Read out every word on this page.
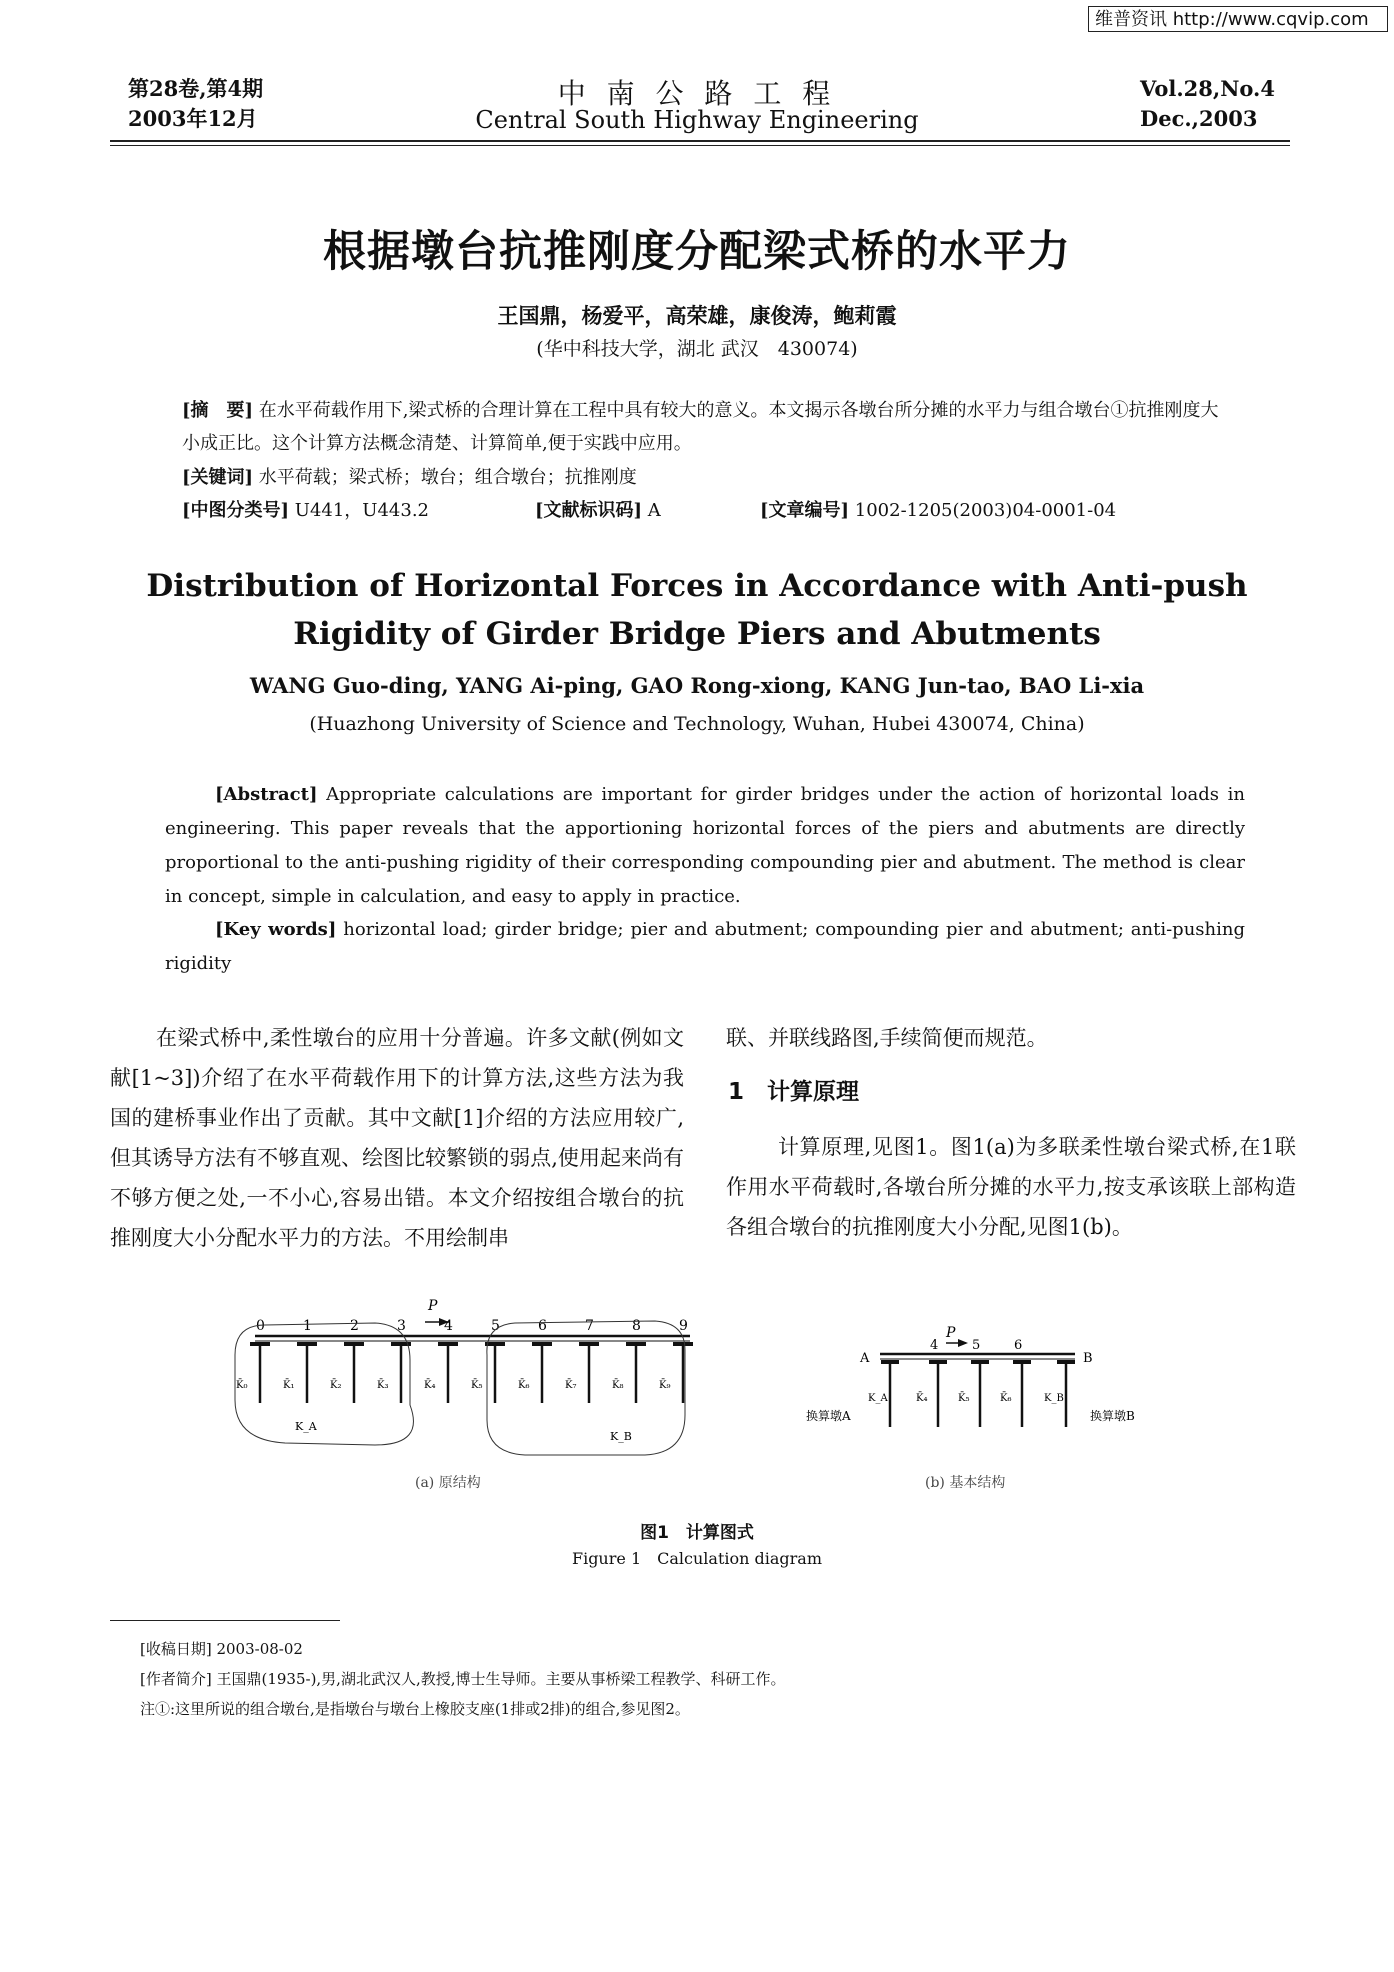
维普资讯 http://www.cqvip.com
第28卷,第4期
2003年12月
中 南 公 路 工 程
Central South Highway Engineering
Vol.28,No.4
Dec.,2003
根据墩台抗推刚度分配梁式桥的水平力
王国鼎，杨爱平，高荣雄，康俊涛，鲍莉霞
(华中科技大学，湖北 武汉　430074)
[摘　要] 在水平荷载作用下,梁式桥的合理计算在工程中具有较大的意义。本文揭示各墩台所分摊的水平力与组合墩台①抗推刚度大小成正比。这个计算方法概念清楚、计算简单,便于实践中应用。
[关键词] 水平荷载；梁式桥；墩台；组合墩台；抗推刚度
[中图分类号] U441，U443.2	[文献标识码] A	[文章编号] 1002-1205(2003)04-0001-04
Distribution of Horizontal Forces in Accordance with Anti-push
Rigidity of Girder Bridge Piers and Abutments
WANG Guo-ding, YANG Ai-ping, GAO Rong-xiong, KANG Jun-tao, BAO Li-xia
(Huazhong University of Science and Technology, Wuhan, Hubei 430074, China)
[Abstract] Appropriate calculations are important for girder bridges under the action of horizontal loads in engineering. This paper reveals that the apportioning horizontal forces of the piers and abutments are directly proportional to the anti-pushing rigidity of their corresponding compounding pier and abutment. The method is clear in concept, simple in calculation, and easy to apply in practice.
[Key words] horizontal load; girder bridge; pier and abutment; compounding pier and abutment; anti-pushing rigidity
在梁式桥中,柔性墩台的应用十分普遍。许多文献(例如文献[1~3])介绍了在水平荷载作用下的计算方法,这些方法为我国的建桥事业作出了贡献。其中文献[1]介绍的方法应用较广,但其诱导方法有不够直观、绘图比较繁锁的弱点,使用起来尚有不够方便之处,一不小心,容易出错。本文介绍按组合墩台的抗推刚度大小分配水平力的方法。不用绘制串
联、并联线路图,手续简便而规范。
1　计算原理
计算原理,见图1。图1(a)为多联柔性墩台梁式桥,在1联作用水平荷载时,各墩台所分摊的水平力,按支承该联上部构造各组合墩台的抗推刚度大小分配,见图1(b)。
P
0	1	2	3	4	5	6	7	8	9
K̄₀	K̄₁	K̄₂	K̄₃	K̄₄	K̄₅	K̄₆	K̄₇	K̄₈	K̄₉
K_A
K_B
(a) 原结构
P
4	5	6
A	B
K_A	K̄₄	K̄₅	K̄₆	K_B
换算墩A	换算墩B
(b) 基本结构
图1　计算图式
Figure 1　Calculation diagram
[收稿日期] 2003-08-02
[作者简介] 王国鼎(1935-),男,湖北武汉人,教授,博士生导师。主要从事桥梁工程教学、科研工作。
注①:这里所说的组合墩台,是指墩台与墩台上橡胶支座(1排或2排)的组合,参见图2。
